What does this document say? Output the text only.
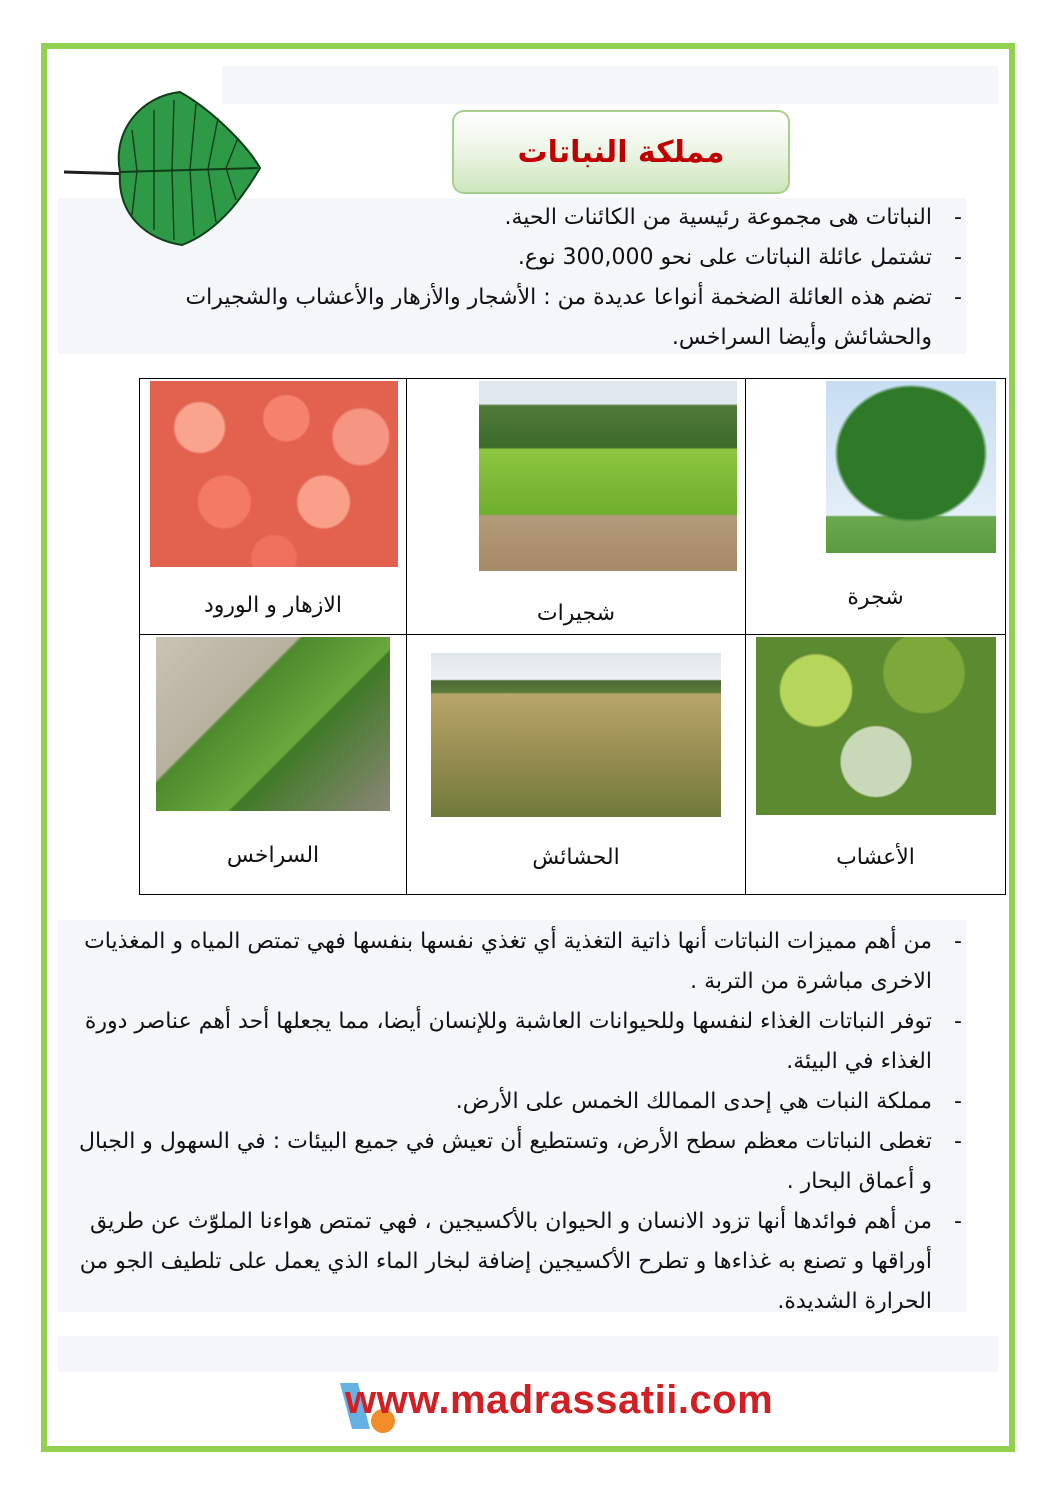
مملكة النباتات
- النباتات هى مجموعة رئيسية من الكائنات الحية.
- تشتمل عائلة النباتات على نحو 300,000 نوع.
- تضم هذه العائلة الضخمة أنواعا عديدة من : الأشجار والأزهار والأعشاب والشجيرات والحشائش وأيضا السراخس.
الازهار و الورود	شجيرات	شجرة

السراخس	الحشائش	الأعشاب
- من أهم مميزات النباتات أنها ذاتية التغذية أي تغذي نفسها بنفسها فهي تمتص المياه و المغذيات الاخرى مباشرة من التربة .
- توفر النباتات الغذاء لنفسها وللحيوانات العاشبة وللإنسان أيضا، مما يجعلها أحد أهم عناصر دورة الغذاء في البيئة.
- مملكة النبات هي إحدى الممالك الخمس على الأرض.
- تغطى النباتات معظم سطح الأرض، وتستطيع أن تعيش في جميع البيئات : في السهول و الجبال و أعماق البحار .
- من أهم فوائدها أنها تزود الانسان و الحيوان بالأكسيجين ، فهي تمتص هواءنا الملوّث عن طريق أوراقها و تصنع به غذاءها و تطرح الأكسيجين إضافة لبخار الماء الذي يعمل على تلطيف الجو من الحرارة الشديدة.
www.madrassatii.com
